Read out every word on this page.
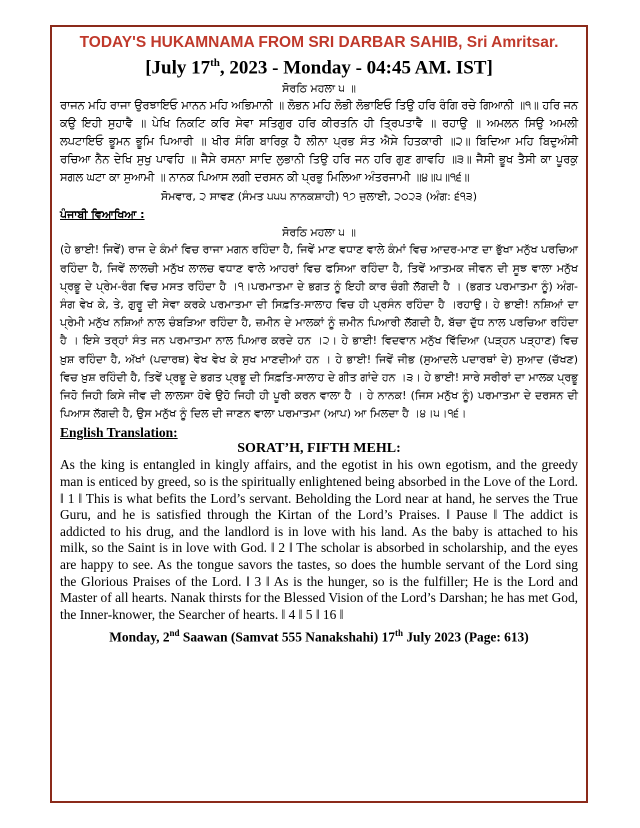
TODAY'S HUKAMNAMA FROM SRI DARBAR SAHIB, Sri Amritsar.
[July 17th, 2023 - Monday - 04:45 AM. IST]
ਸੋਰਠਿ ਮਹਲਾ ੫ ॥

ਰਾਜਨ ਮਹਿ ਰਾਜਾ ਉਰਝਾਇਓ ਮਾਨਨ ਮਹਿ ਅਭਿਮਾਨੀ ॥ ਲੋਭਨ ਮਹਿ ਲੋਭੀ ਲੋਭਾਇਓ ਤਿਉ ਹਰਿ ਰੰਗਿ ਰਚੇ ਗਿਆਨੀ ॥੧॥ ਹਰਿ ਜਨ ਕਉ ਇਹੀ ਸੁਹਾਵੈ ॥ ਪੇਖਿ ਨਿਕਟਿ ਕਰਿ ਸੇਵਾ ਸਤਿਗੁਰ ਹਰਿ ਕੀਰਤਨਿ ਹੀ ਤ੍ਰਿਪਤਾਵੈ ॥ ਰਹਾਉ ॥ ਅਮਲਨ ਸਿਉ ਅਮਲੀ ਲਪਟਾਇਓ ਭੂਮਨ ਭੂਮਿ ਪਿਆਰੀ ॥ ਖੀਰ ਸੰਗਿ ਬਾਰਿਕੁ ਹੈ ਲੀਨਾ ਪ੍ਰਭ ਸੰਤ ਐਸੇ ਹਿਤਕਾਰੀ ॥੨॥ ਬਿਦਿਆ ਮਹਿ ਬਿਦੁਅੰਸੀ ਰਚਿਆ ਨੈਨ ਦੇਖਿ ਸੁਖੁ ਪਾਵਹਿ ॥ ਜੈਸੇ ਰਸਨਾ ਸਾਦਿ ਲੁਭਾਨੀ ਤਿਉ ਹਰਿ ਜਨ ਹਰਿ ਗੁਣ ਗਾਵਹਿ ॥੩॥ ਜੈਸੀ ਭੂਖ ਤੈਸੀ ਕਾ ਪੂਰਕੁ ਸਗਲ ਘਟਾ ਕਾ ਸੁਆਮੀ ॥ ਨਾਨਕ ਪਿਆਸ ਲਗੀ ਦਰਸਨ ਕੀ ਪ੍ਰਭੁ ਮਿਲਿਆ ਅੰਤਰਜਾਮੀ ॥੪॥੫॥੧੬॥

ਸੋਮਵਾਰ, ੨ ਸਾਵਣ (ਸੰਮਤ ੫੫੫ ਨਾਨਕਸ਼ਾਹੀ) ੧੭ ਜੁਲਾਈ, ੨੦੨੩ (ਅੰਗ: ੬੧੩)
ਪੰਜਾਬੀ ਵਿਆਖਿਆ :
ਸੋਰਠਿ ਮਹਲਾ ੫ ॥

(ਹੇ ਭਾਈ! ਜਿਵੇਂ) ਰਾਜ ਦੇ ਕੰਮਾਂ ਵਿਚ ਰਾਜਾ ਮਗਨ ਰਹਿੰਦਾ ਹੈ, ਜਿਵੇਂ ਮਾਣ ਵਧਾਣ ਵਾਲੇ ਕੰਮਾਂ ਵਿਚ ਆਦਰ-ਮਾਣ ਦਾ ਭੁੱਖਾ ਮਨੁੱਖ ਪਰਚਿਆ ਰਹਿੰਦਾ ਹੈ, ਜਿਵੇਂ ਲਾਲਚੀ ਮਨੁੱਖ ਲਾਲਚ ਵਧਾਣ ਵਾਲੇ ਆਹਰਾਂ ਵਿਚ ਫਸਿਆ ਰਹਿੰਦਾ ਹੈ, ਤਿਵੇਂ ਆਤਮਕ ਜੀਵਨ ਦੀ ਸੂਝ ਵਾਲਾ ਮਨੁੱਖ ਪ੍ਰਭੂ ਦੇ ਪ੍ਰੇਮ-ਰੰਗ ਵਿਚ ਮਸਤ ਰਹਿੰਦਾ ਹੈ ।੧।ਪਰਮਾਤਮਾ ਦੇ ਭਗਤ ਨੂੰ ਇਹੀ ਕਾਰ ਚੰਗੀ ਲੱਗਦੀ ਹੈ । (ਭਗਤ ਪਰਮਾਤਮਾ ਨੂੰ) ਅੰਗ-ਸੰਗ ਵੇਖ ਕੇ, ਤੇ, ਗੁਰੂ ਦੀ ਸੇਵਾ ਕਰਕੇ ਪਰਮਾਤਮਾ ਦੀ ਸਿਫ਼ਤਿ-ਸਾਲਾਹ ਵਿਚ ਹੀ ਪ੍ਰਸੰਨ ਰਹਿੰਦਾ ਹੈ ।ਰਹਾਉ। ਹੇ ਭਾਈ! ਨਸ਼ਿਆਂ ਦਾ ਪ੍ਰੇਮੀ ਮਨੁੱਖ ਨਸ਼ਿਆਂ ਨਾਲ ਚੰਬੜਿਆ ਰਹਿੰਦਾ ਹੈ, ਜ਼ਮੀਨ ਦੇ ਮਾਲਕਾਂ ਨੂੰ ਜ਼ਮੀਨ ਪਿਆਰੀ ਲੱਗਦੀ ਹੈ, ਬੱਚਾ ਦੁੱਧ ਨਾਲ ਪਰਚਿਆ ਰਹਿੰਦਾ ਹੈ । ਇਸੇ ਤਰ੍ਹਾਂ ਸੰਤ ਜਨ ਪਰਮਾਤਮਾ ਨਾਲ ਪਿਆਰ ਕਰਦੇ ਹਨ ।੨। ਹੇ ਭਾਈ! ਵਿਦਵਾਨ ਮਨੁੱਖ ਵਿੱਦਿਆ (ਪੜ੍ਹਨ ਪੜ੍ਹਾਣ) ਵਿਚ ਖ਼ੁਸ਼ ਰਹਿੰਦਾ ਹੈ, ਅੱਖਾਂ (ਪਦਾਰਥ) ਵੇਖ ਵੇਖ ਕੇ ਸੁਖ ਮਾਣਦੀਆਂ ਹਨ । ਹੇ ਭਾਈ! ਜਿਵੇਂ ਜੀਭ (ਸੁਆਦਲੇ ਪਦਾਰਥਾਂ ਦੇ) ਸੁਆਦ (ਚੱਖਣ) ਵਿਚ ਖ਼ੁਸ਼ ਰਹਿੰਦੀ ਹੈ, ਤਿਵੇਂ ਪ੍ਰਭੂ ਦੇ ਭਗਤ ਪ੍ਰਭੂ ਦੀ ਸਿਫ਼ਤਿ-ਸਾਲਾਹ ਦੇ ਗੀਤ ਗਾਂਦੇ ਹਨ ।੩। ਹੇ ਭਾਈ! ਸਾਰੇ ਸਰੀਰਾਂ ਦਾ ਮਾਲਕ ਪ੍ਰਭੂ ਜਿਹੋ ਜਿਹੀ ਕਿਸੇ ਜੀਵ ਦੀ ਲਾਲਸਾ ਹੋਵੇ ਉਹੋ ਜਿਹੀ ਹੀ ਪੂਰੀ ਕਰਨ ਵਾਲਾ ਹੈ । ਹੇ ਨਾਨਕ! (ਜਿਸ ਮਨੁੱਖ ਨੂੰ) ਪਰਮਾਤਮਾ ਦੇ ਦਰਸਨ ਦੀ ਪਿਆਸ ਲੱਗਦੀ ਹੈ, ਉਸ ਮਨੁੱਖ ਨੂੰ ਦਿਲ ਦੀ ਜਾਣਨ ਵਾਲਾ ਪਰਮਾਤਮਾ (ਆਪ) ਆ ਮਿਲਦਾ ਹੈ ।੪।੫।੧੬।

English Translation:
SORAT’H, FIFTH MEHL:

As the king is entangled in kingly affairs, and the egotist in his own egotism, and the greedy man is enticed by greed, so is the spiritually enlightened being absorbed in the Love of the Lord. ‖ 1 ‖ This is what befits the Lord’s servant. Beholding the Lord near at hand, he serves the True Guru, and he is satisfied through the Kirtan of the Lord’s Praises. ‖ Pause ‖ The addict is addicted to his drug, and the landlord is in love with his land. As the baby is attached to his milk, so the Saint is in love with God. ‖ 2 ‖ The scholar is absorbed in scholarship, and the eyes are happy to see. As the tongue savors the tastes, so does the humble servant of the Lord sing the Glorious Praises of the Lord. ‖ 3 ‖ As is the hunger, so is the fulfiller; He is the Lord and Master of all hearts. Nanak thirsts for the Blessed Vision of the Lord’s Darshan; he has met God, the Inner-knower, the Searcher of hearts. ‖ 4 ‖ 5 ‖ 16 ‖

Monday, 2nd Saawan (Samvat 555 Nanakshahi) 17th July 2023 (Page: 613)
